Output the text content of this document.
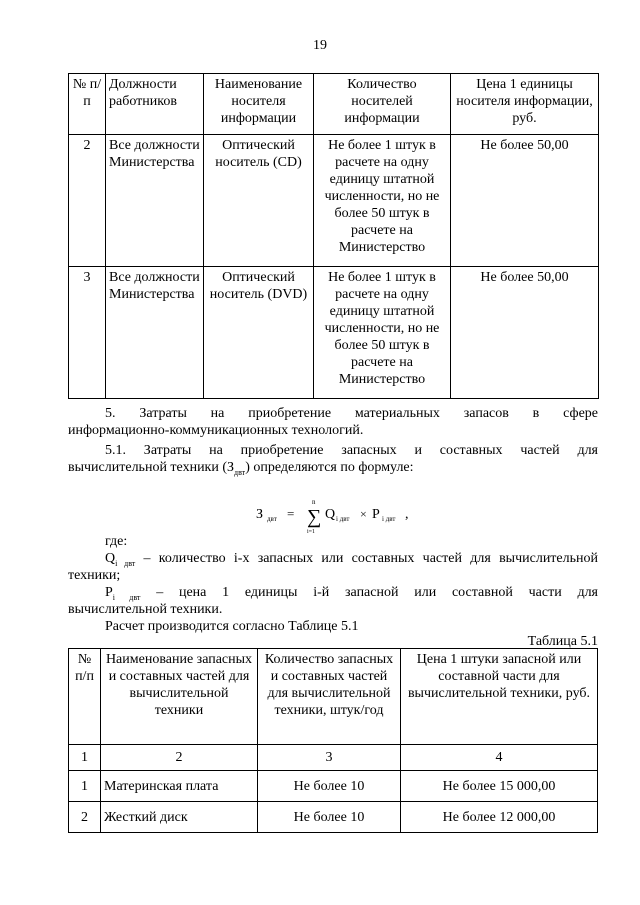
19
№ п/п	Должности работников	Наименование носителя информации	Количество носителей информации	Цена 1 единицы носителя информации, руб.
2	Все должности Министерства	Оптический носитель (CD)	Не более 1 штук в расчете на одну единицу штатной численности, но не более 50 штук в расчете на Министерство	Не более 50,00
3	Все должности Министерства	Оптический носитель (DVD)	Не более 1 штук в расчете на одну единицу штатной численности, но не более 50 штук в расчете на Министерство	Не более 50,00
5. Затраты на приобретение материальных запасов в сфере
информационно-коммуникационных технологий.
5.1. Затраты на приобретение запасных и составных частей для
вычислительной техники $(З_{двт})$ определяются по формуле:
З двт = ∑
n
i=1
Q i двт × P i двт ,
где:
$Q_{i двт}$ – количество i-х запасных или составных частей для вычислительной
техники;
$P_{i двт}$ – цена 1 единицы i-й запасной или составной части для
вычислительной техники.
Расчет производится согласно Таблице 5.1
Таблица 5.1
№ п/п	Наименование запасных и составных частей для вычислительной техники	Количество запасных и составных частей для вычислительной техники, штук/год	Цена 1 штуки запасной или составной части для вычислительной техники, руб.
1	2	3	4
1	Материнская плата	Не более 10	Не более 15 000,00
2	Жесткий диск	Не более 10	Не более 12 000,00
